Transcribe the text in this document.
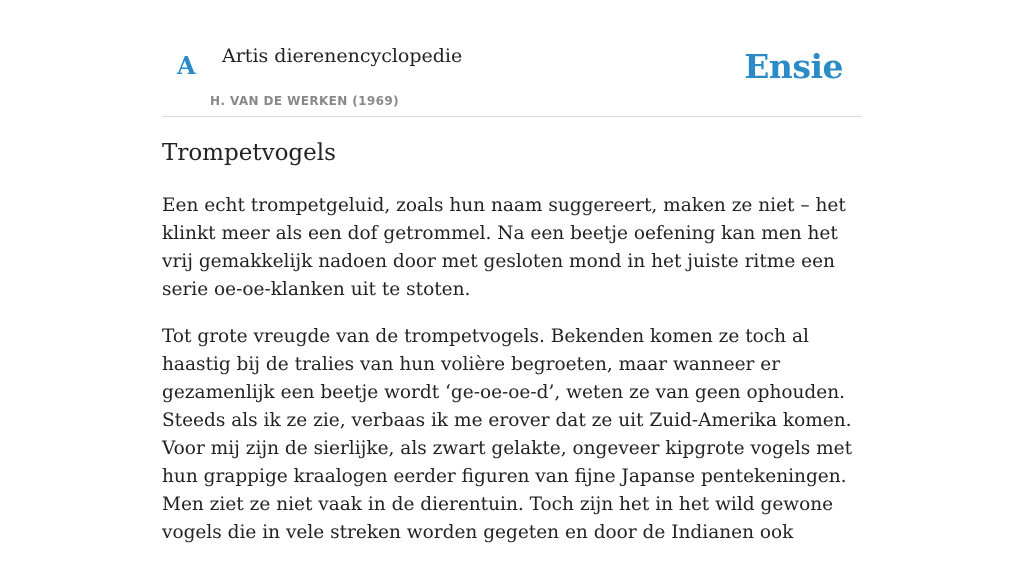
A Artis dierenencyclopedie
H. VAN DE WERKEN (1969)
Ensie
Trompetvogels

Een echt trompetgeluid, zoals hun naam suggereert, maken ze niet – het klinkt meer als een dof getrommel. Na een beetje oefening kan men het vrij gemakkelijk nadoen door met gesloten mond in het juiste ritme een serie oe-oe-klanken uit te stoten.

Tot grote vreugde van de trompetvogels. Bekenden komen ze toch al haastig bij de tralies van hun volière begroeten, maar wanneer er gezamenlijk een beetje wordt ‘ge-oe-oe-d’, weten ze van geen ophouden. Steeds als ik ze zie, verbaas ik me erover dat ze uit Zuid-Amerika komen. Voor mij zijn de sierlijke, als zwart gelakte, ongeveer kipgrote vogels met hun grappige kraalogen eerder figuren van fijne Japanse pentekeningen. Men ziet ze niet vaak in de dierentuin. Toch zijn het in het wild gewone vogels die in vele streken worden gegeten en door de Indianen ook
